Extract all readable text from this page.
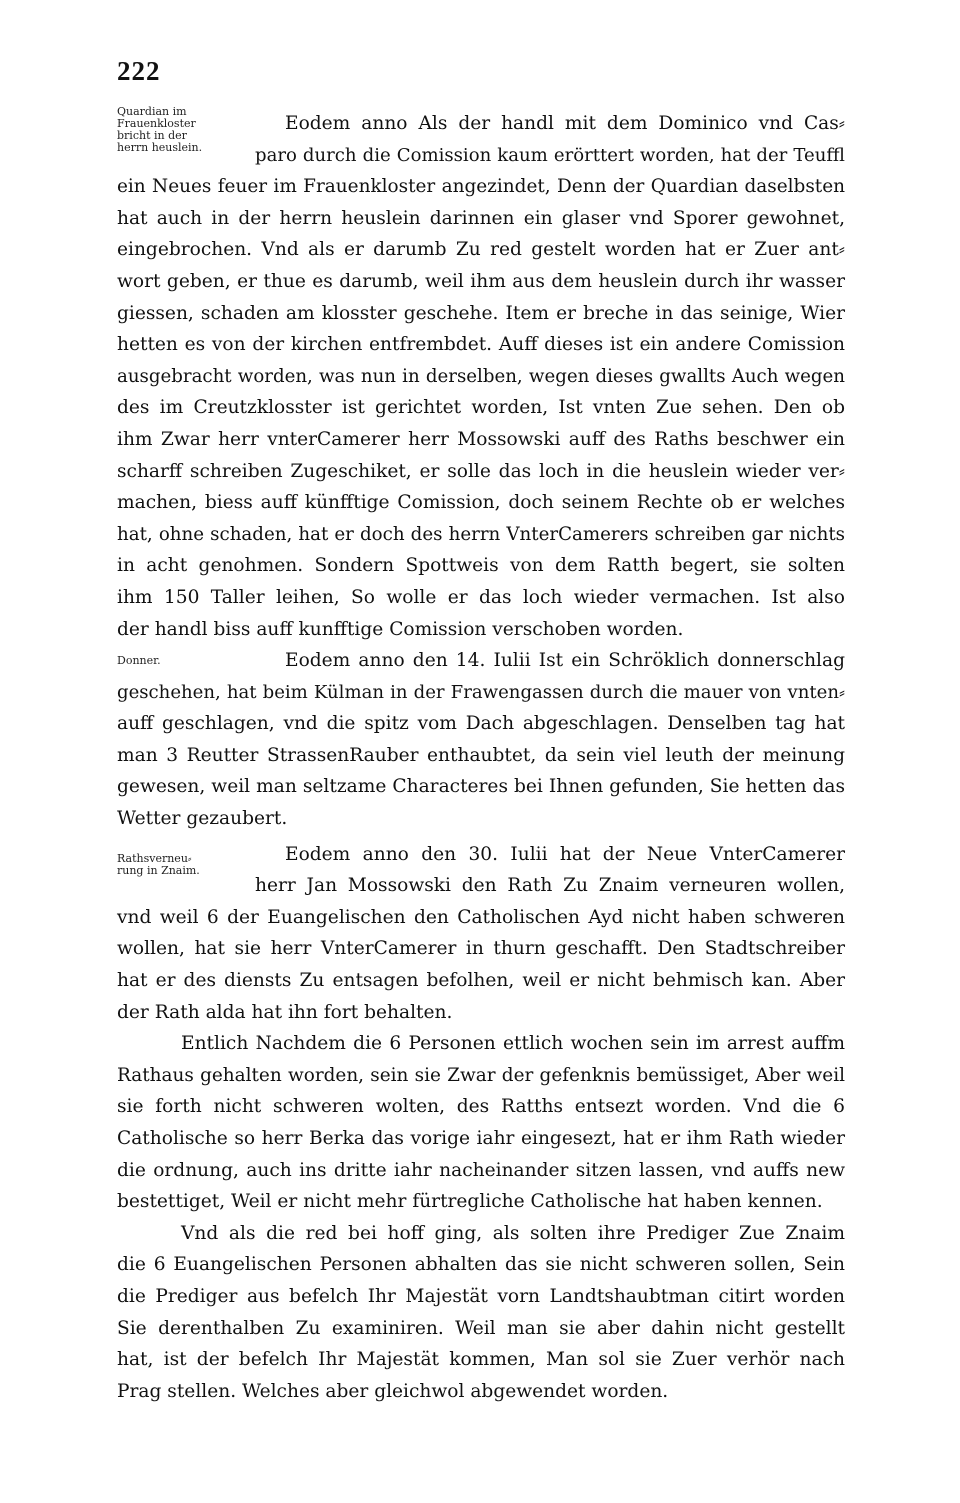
222
Quardian im
Frauenkloster
bricht in der
herrn heuslein.
Eodem anno Als der handl mit dem Dominico vnd Cas⸗
paro durch die Comission kaum erörttert worden, hat der Teuffl
ein Neues feuer im Frauenkloster angezindet, Denn der Quardian daselbsten
hat auch in der herrn heuslein darinnen ein glaser vnd Sporer gewohnet,
eingebrochen. Vnd als er darumb Zu red gestelt worden hat er Zuer ant⸗
wort geben, er thue es darumb, weil ihm aus dem heuslein durch ihr wasser
giessen, schaden am klosster geschehe. Item er breche in das seinige, Wier
hetten es von der kirchen entfrembdet. Auff dieses ist ein andere Comission
ausgebracht worden, was nun in derselben, wegen dieses gwallts Auch wegen
des im Creutzklosster ist gerichtet worden, Ist vnten Zue sehen. Den ob
ihm Zwar herr vnterCamerer herr Mossowski auff des Raths beschwer ein
scharff schreiben Zugeschiket, er solle das loch in die heuslein wieder ver⸗
machen, biess auff künfftige Comission, doch seinem Rechte ob er welches
hat, ohne schaden, hat er doch des herrn VnterCamerers schreiben gar nichts
in acht genohmen. Sondern Spottweis von dem Ratth begert, sie solten
ihm 150 Taller leihen, So wolle er das loch wieder vermachen. Ist also
der handl biss auff kunfftige Comission verschoben worden.
Donner.	Eodem anno den 14. Iulii Ist ein Schröklich donnerschlag
geschehen, hat beim Külman in der Frawengassen durch die mauer von vnten⸗
auff geschlagen, vnd die spitz vom Dach abgeschlagen. Denselben tag hat
man 3 Reutter StrassenRauber enthaubtet, da sein viel leuth der meinung
gewesen, weil man seltzame Characteres bei Ihnen gefunden, Sie hetten das
Wetter gezaubert.
Rathsverneu⸗
rung in Znaim.
Eodem anno den 30. Iulii hat der Neue VnterCamerer
herr Jan Mossowski den Rath Zu Znaim verneuren wollen,
vnd weil 6 der Euangelischen den Catholischen Ayd nicht haben schweren
wollen, hat sie herr VnterCamerer in thurn geschafft. Den Stadtschreiber
hat er des diensts Zu entsagen befolhen, weil er nicht behmisch kan. Aber
der Rath alda hat ihn fort behalten.
Entlich Nachdem die 6 Personen ettlich wochen sein im arrest auffm
Rathaus gehalten worden, sein sie Zwar der gefenknis bemüssiget, Aber weil
sie forth nicht schweren wolten, des Ratths entsezt worden. Vnd die 6
Catholische so herr Berka das vorige iahr eingesezt, hat er ihm Rath wieder
die ordnung, auch ins dritte iahr nacheinander sitzen lassen, vnd auffs new
bestettiget, Weil er nicht mehr fürtregliche Catholische hat haben kennen.
Vnd als die red bei hoff ging, als solten ihre Prediger Zue Znaim
die 6 Euangelischen Personen abhalten das sie nicht schweren sollen, Sein
die Prediger aus befelch Ihr Majestät vorn Landtshaubtman citirt worden
Sie derenthalben Zu examiniren. Weil man sie aber dahin nicht gestellt
hat, ist der befelch Ihr Majestät kommen, Man sol sie Zuer verhör nach
Prag stellen. Welches aber gleichwol abgewendet worden.
